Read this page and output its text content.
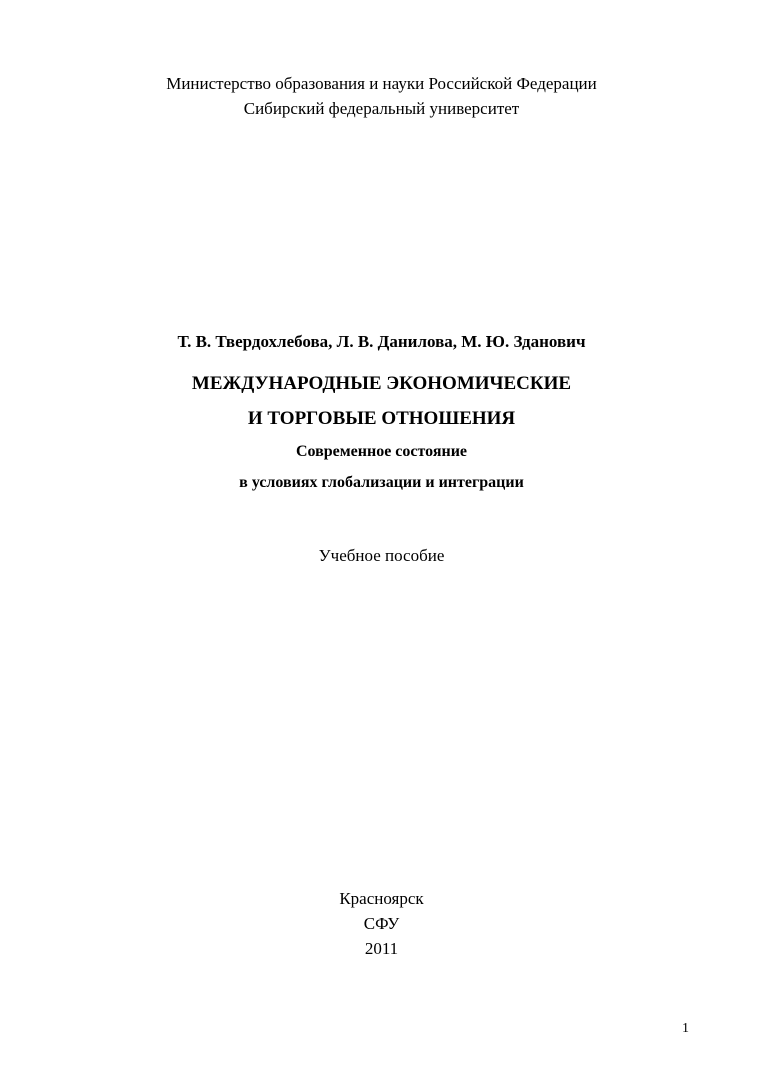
Министерство образования и науки Российской Федерации
Сибирский федеральный университет
Т. В. Твердохлебова, Л. В. Данилова, М. Ю. Зданович
МЕЖДУНАРОДНЫЕ ЭКОНОМИЧЕСКИЕ
И ТОРГОВЫЕ ОТНОШЕНИЯ
Современное состояние
в условиях глобализации и интеграции
Учебное пособие
Красноярск
СФУ
2011
1
